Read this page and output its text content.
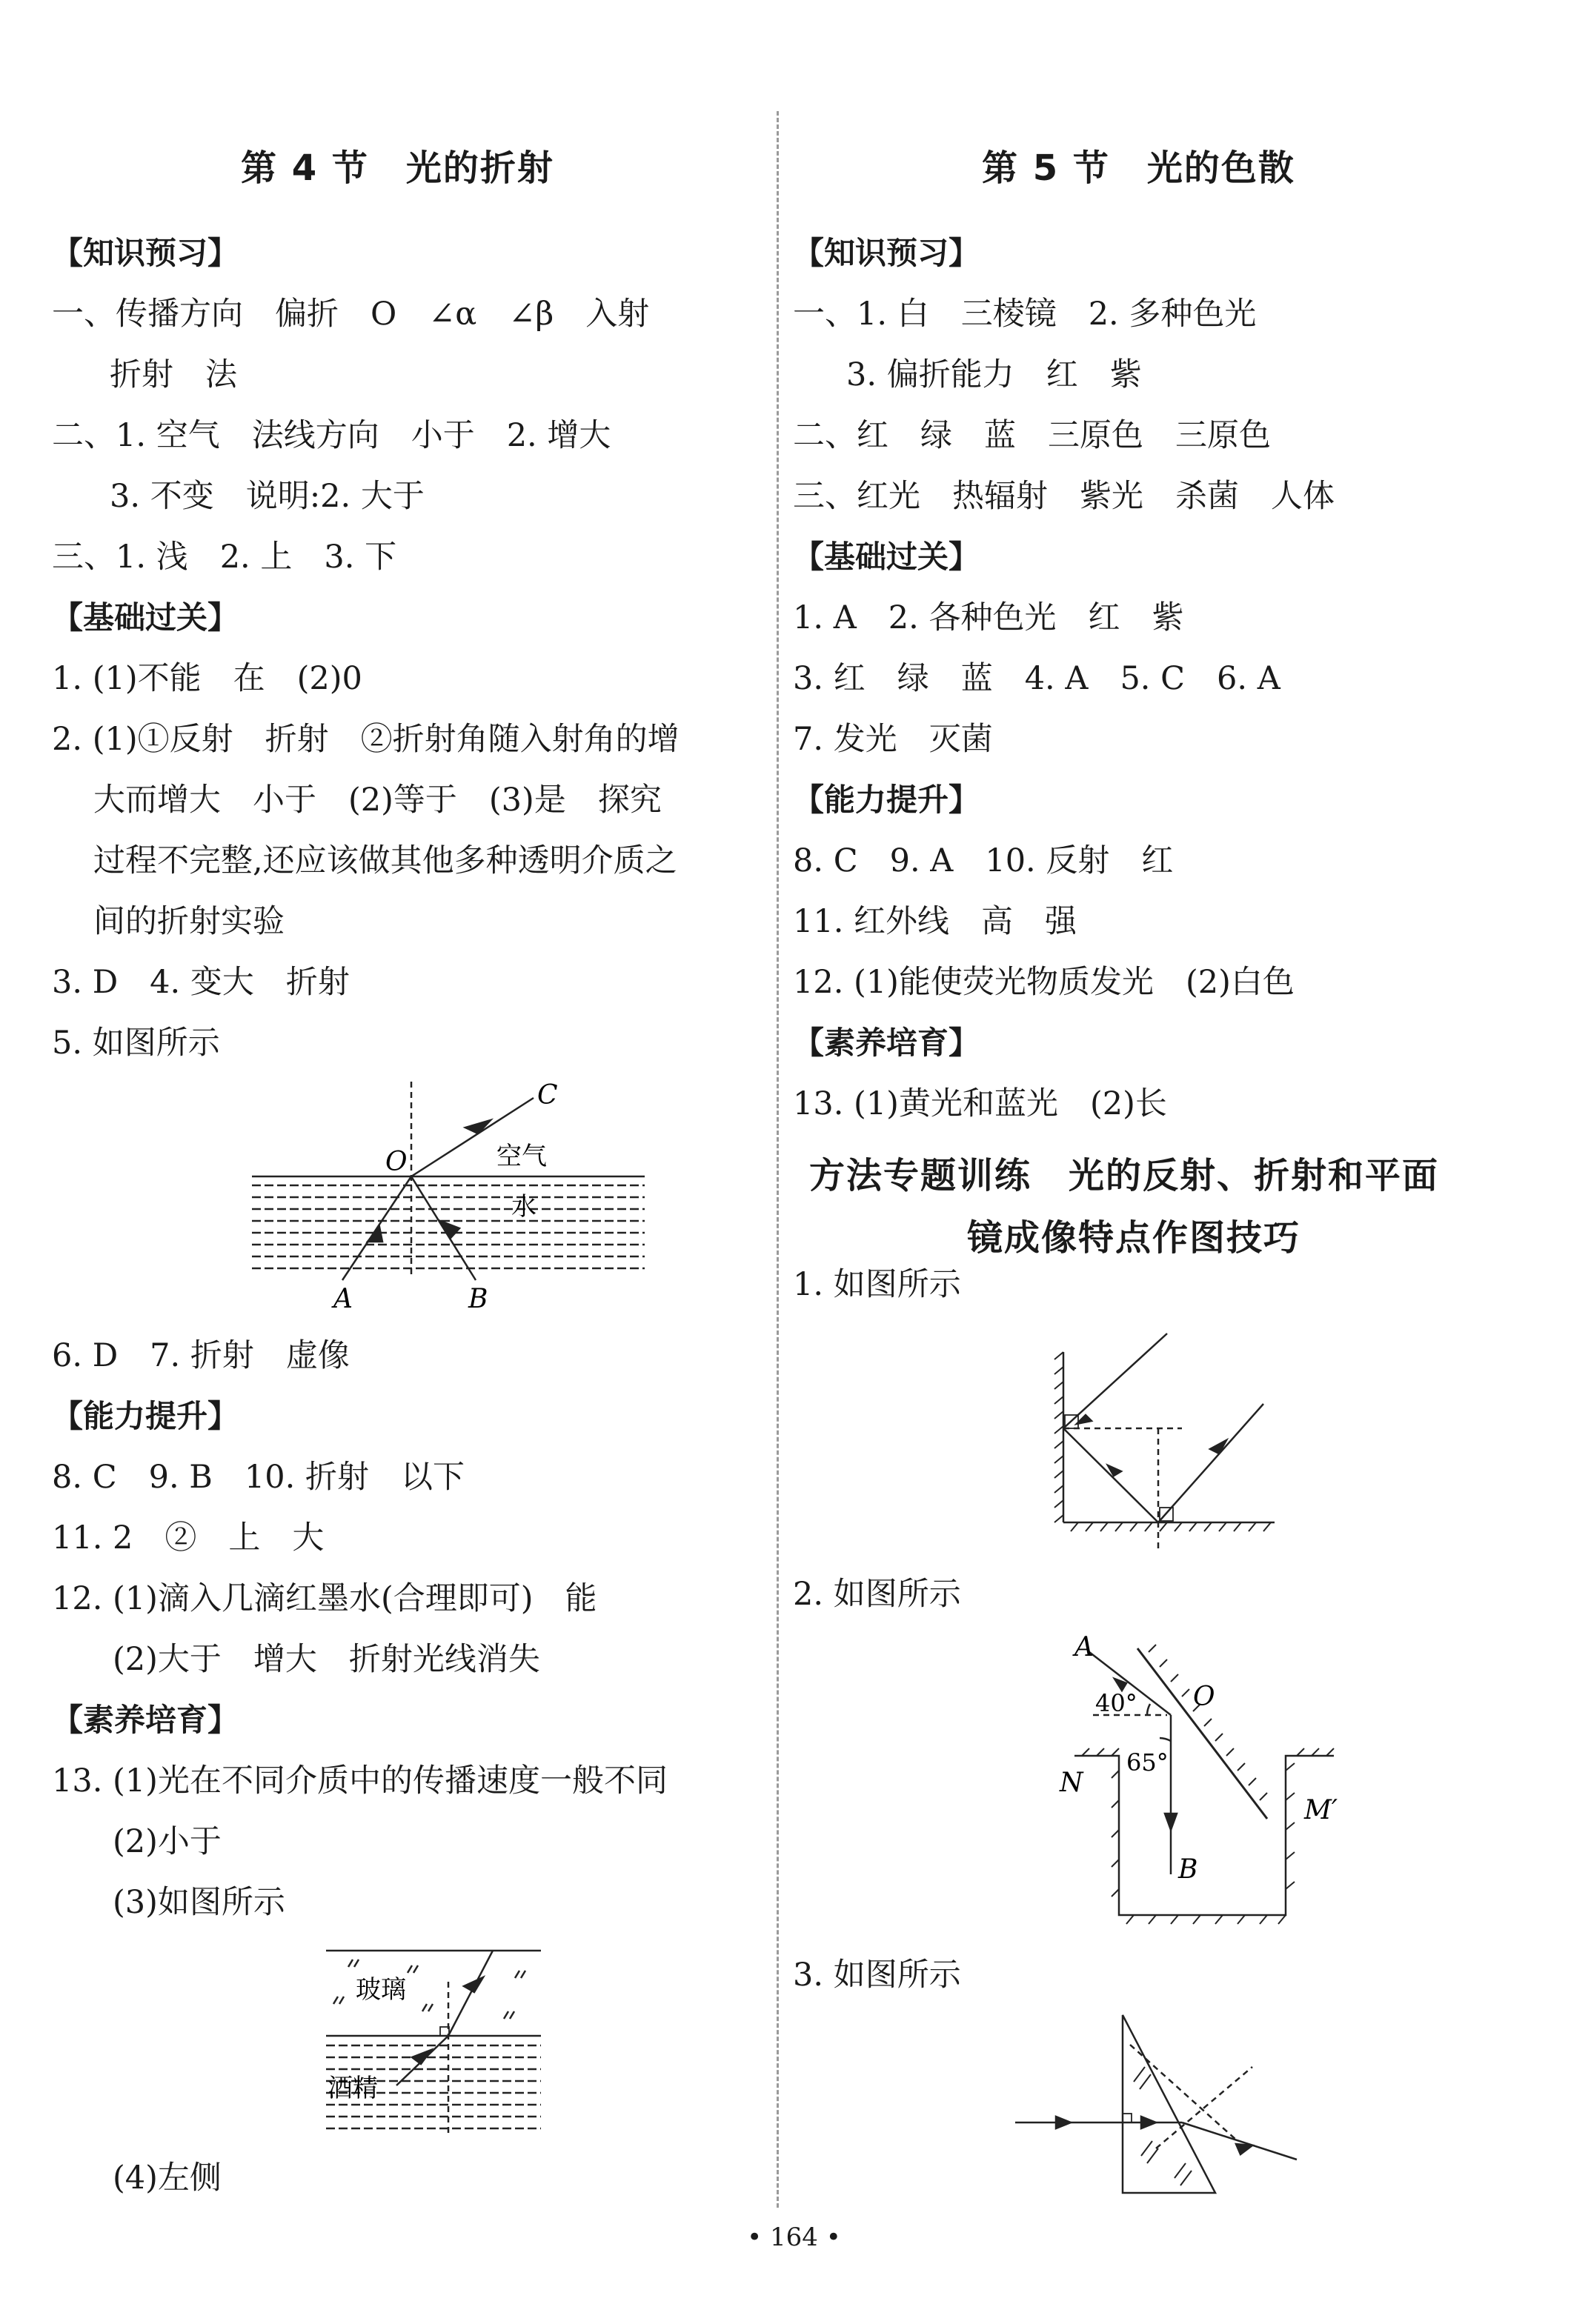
第 4 节　光的折射
【知识预习】
一、传播方向　偏折　O　∠α　∠β　入射
折射　法
二、1. 空气　法线方向　小于　2. 增大
3. 不变　说明:2. 大于
三、1. 浅　2. 上　3. 下
【基础过关】
1. (1)不能　在　(2)0
2. (1)①反射　折射　②折射角随入射角的增
大而增大　小于　(2)等于　(3)是　探究
过程不完整,还应该做其他多种透明介质之
间的折射实验
3. D　4. 变大　折射
5. 如图所示
C
O	空气
水
A	B
6. D　7. 折射　虚像
【能力提升】
8. C　9. B　10. 折射　以下
11. 2　②　上　大
12. (1)滴入几滴红墨水(合理即可)　能
(2)大于　增大　折射光线消失
【素养培育】
13. (1)光在不同介质中的传播速度一般不同
(2)小于
(3)如图所示
玻璃
酒精
(4)左侧
第 5 节　光的色散
【知识预习】
一、1. 白　三棱镜　2. 多种色光
3. 偏折能力　红　紫
二、红　绿　蓝　三原色　三原色
三、红光　热辐射　紫光　杀菌　人体
【基础过关】
1. A　2. 各种色光　红　紫
3. 红　绿　蓝　4. A　5. C　6. A
7. 发光　灭菌
【能力提升】
8. C　9. A　10. 反射　红
11. 红外线　高　强
12. (1)能使荧光物质发光　(2)白色
【素养培育】
13. (1)黄光和蓝光　(2)长
方法专题训练　光的反射、折射和平面
镜成像特点作图技巧
1. 如图所示
2. 如图所示
A
40° O
N
65°
M′
B
3. 如图所示
• 164 •
